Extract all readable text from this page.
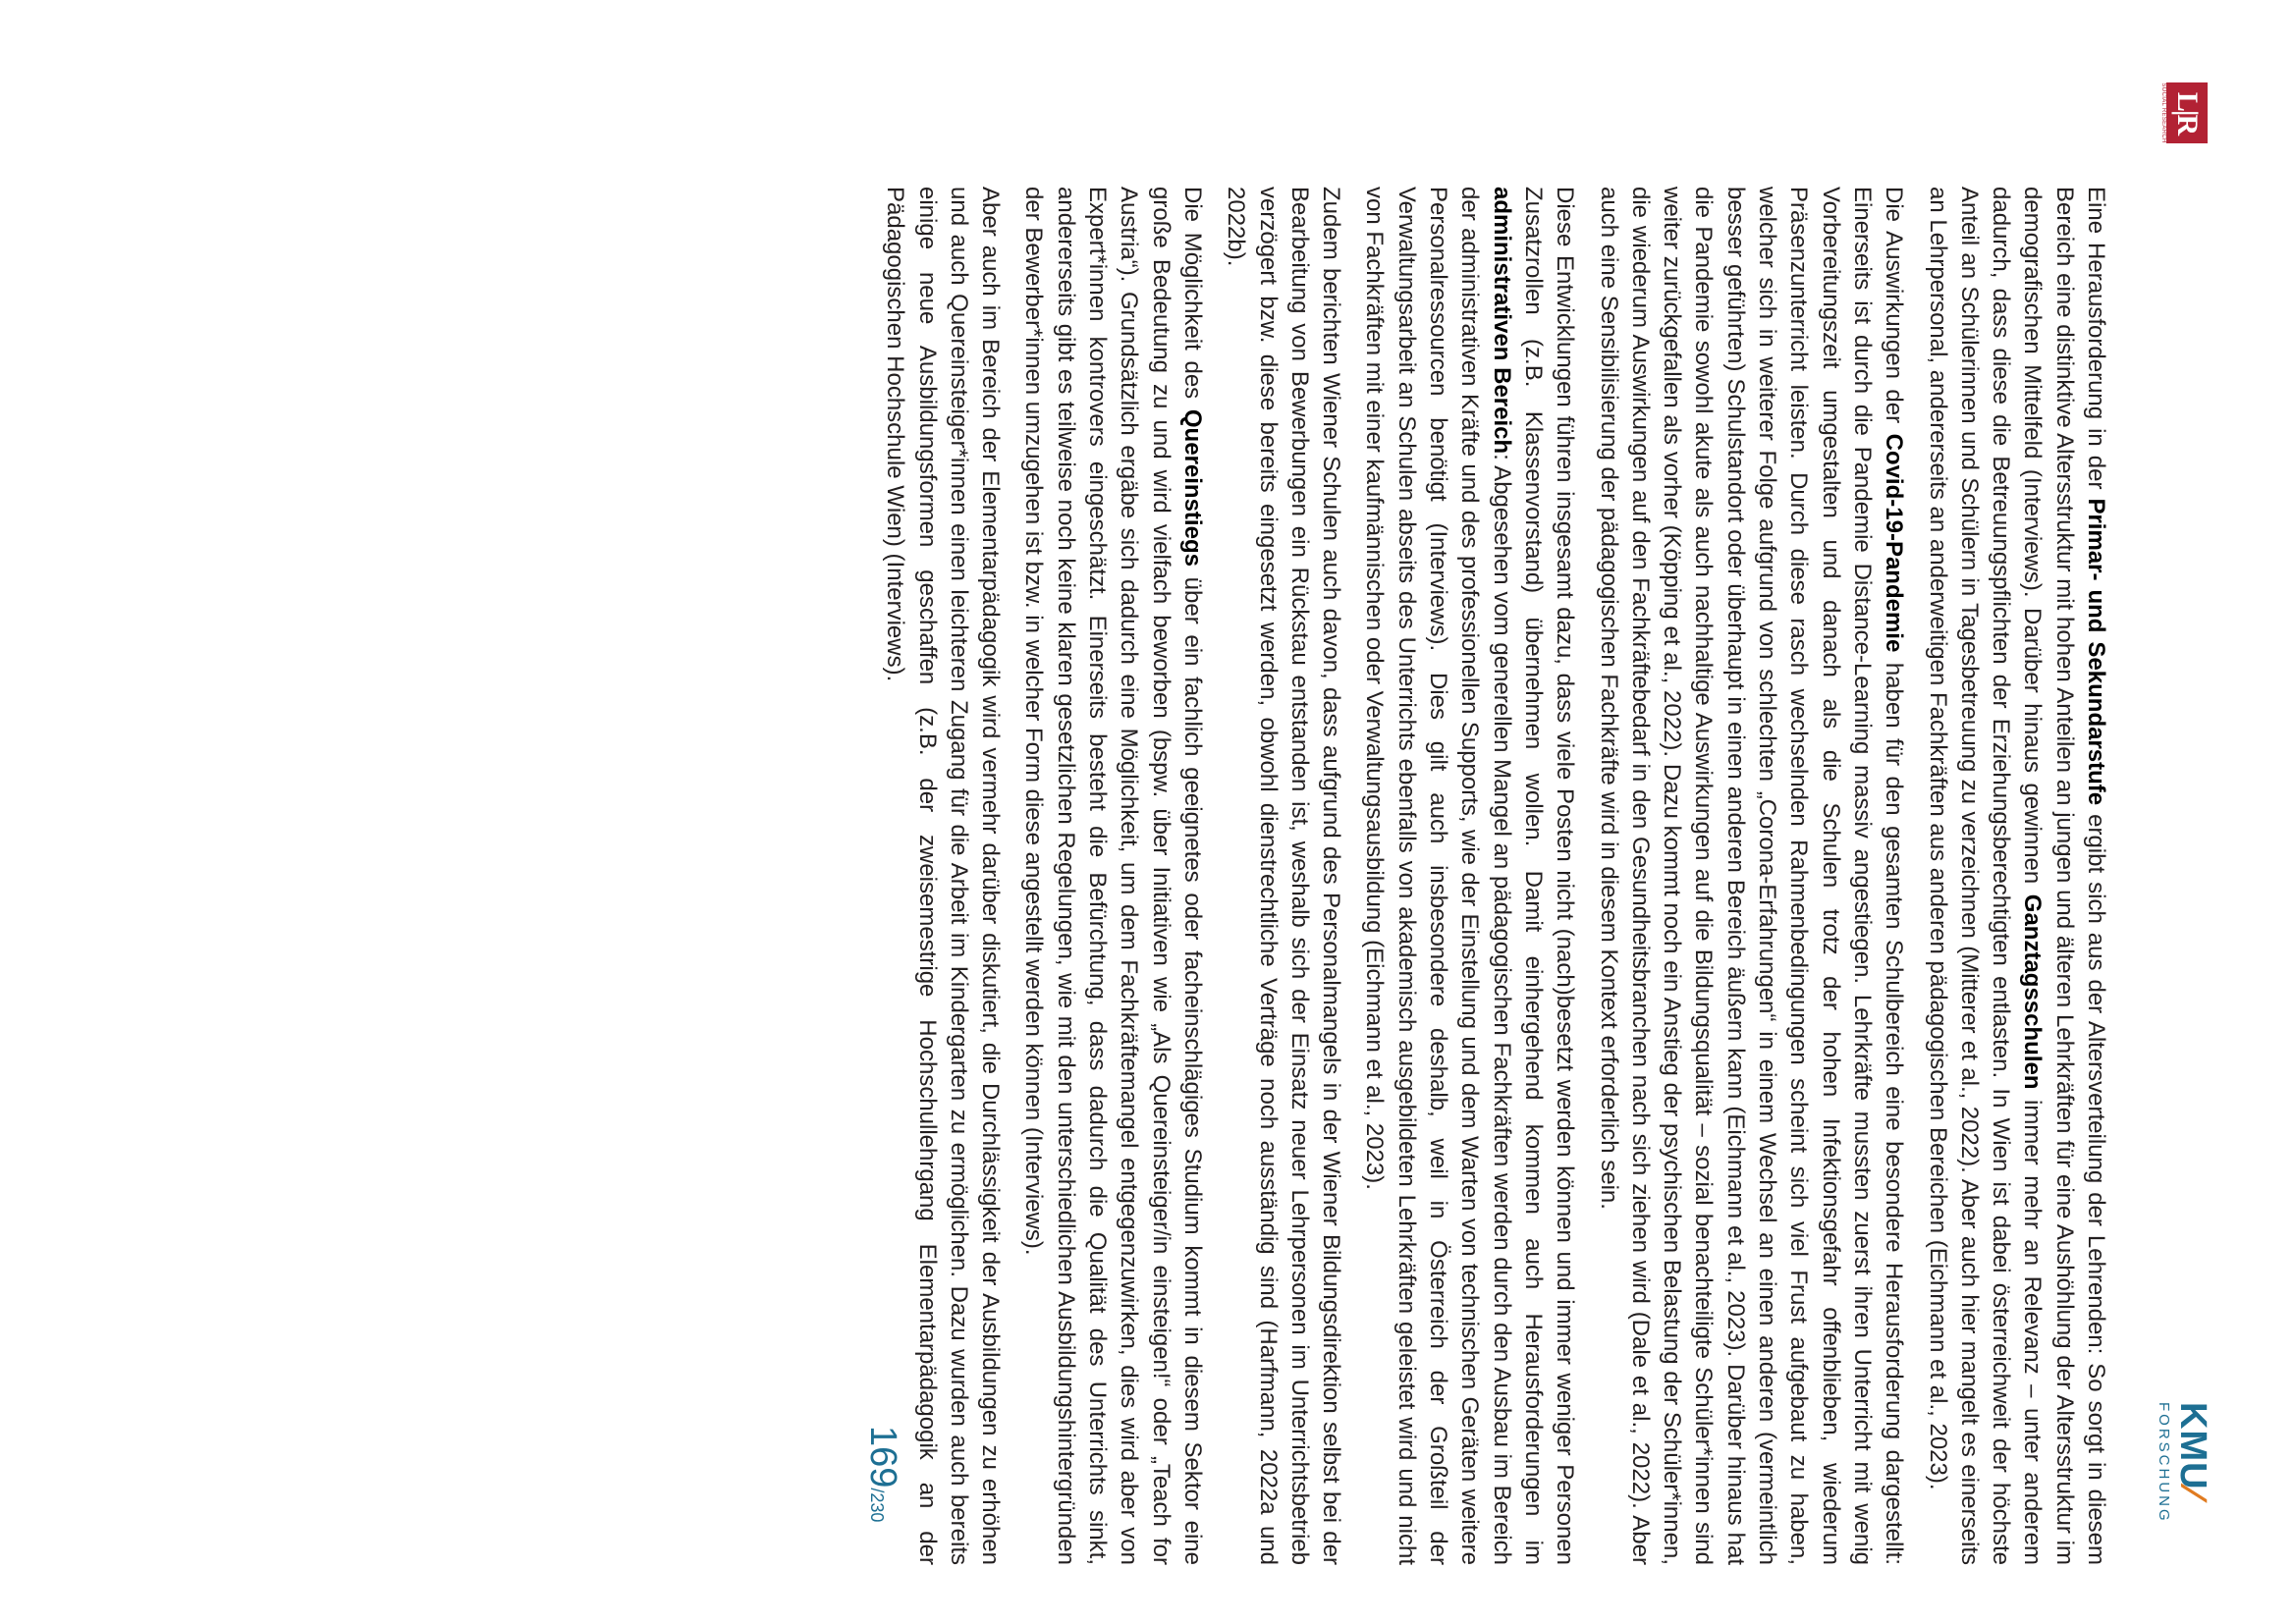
L|R
SOCIAL RESEARCH
KMU⁄
FORSCHUNG

Eine Herausforderung in der Primar- und Sekundarstufe ergibt sich aus der Altersverteilung der Lehrenden: So sorgt in diesem Bereich eine distinktive Altersstruktur mit hohen Anteilen an jungen und älteren Lehrkräften für eine Aushöhlung der Altersstruktur im demografischen Mittelfeld (Interviews). Darüber hinaus gewinnen Ganztagsschulen immer mehr an Relevanz – unter anderem dadurch, dass diese die Betreuungspflichten der Erziehungsberechtigten entlasten. In Wien ist dabei österreichweit der höchste Anteil an Schülerinnen und Schülern in Tagesbetreuung zu verzeichnen (Mitterer et al., 2022). Aber auch hier mangelt es einerseits an Lehrpersonal, andererseits an anderweitigen Fachkräften aus anderen pädagogischen Bereichen (Eichmann et al., 2023).

Die Auswirkungen der Covid-19-Pandemie haben für den gesamten Schulbereich eine besondere Herausforderung dargestellt: Einerseits ist durch die Pandemie Distance-Learning massiv angestiegen. Lehrkräfte mussten zuerst ihren Unterricht mit wenig Vorbereitungszeit umgestalten und danach als die Schulen trotz der hohen Infektionsgefahr offenblieben, wiederum Präsenzunterricht leisten. Durch diese rasch wechselnden Rahmenbedingungen scheint sich viel Frust aufgebaut zu haben, welcher sich in weiterer Folge aufgrund von schlechten „Corona-Erfahrungen“ in einem Wechsel an einen anderen (vermeintlich besser geführten) Schulstandort oder überhaupt in einen anderen Bereich äußern kann (Eichmann et al., 2023). Darüber hinaus hat die Pandemie sowohl akute als auch nachhaltige Auswirkungen auf die Bildungsqualität – sozial benachteiligte Schüler*innen sind weiter zurückgefallen als vorher (Köpping et al., 2022). Dazu kommt noch ein Anstieg der psychischen Belastung der Schüler*innen, die wiederum Auswirkungen auf den Fachkräftebedarf in den Gesundheitsbranchen nach sich ziehen wird (Dale et al., 2022). Aber auch eine Sensibilisierung der pädagogischen Fachkräfte wird in diesem Kontext erforderlich sein.

Diese Entwicklungen führen insgesamt dazu, dass viele Posten nicht (nach)besetzt werden können und immer weniger Personen Zusatzrollen (z.B. Klassenvorstand) übernehmen wollen. Damit einhergehend kommen auch Herausforderungen im administrativen Bereich: Abgesehen vom generellen Mangel an pädagogischen Fachkräften werden durch den Ausbau im Bereich der administrativen Kräfte und des professionellen Supports, wie der Einstellung und dem Warten von technischen Geräten weitere Personalressourcen benötigt (Interviews). Dies gilt auch insbesondere deshalb, weil in Österreich der Großteil der Verwaltungsarbeit an Schulen abseits des Unterrichts ebenfalls von akademisch ausgebildeten Lehrkräften geleistet wird und nicht von Fachkräften mit einer kaufmännischen oder Verwaltungsausbildung (Eichmann et al., 2023).

Zudem berichten Wiener Schulen auch davon, dass aufgrund des Personalmangels in der Wiener Bildungsdirektion selbst bei der Bearbeitung von Bewerbungen ein Rückstau entstanden ist, weshalb sich der Einsatz neuer Lehrpersonen im Unterrichtsbetrieb verzögert bzw. diese bereits eingesetzt werden, obwohl dienstrechtliche Verträge noch ausständig sind (Harfmann, 2022a und 2022b).

Die Möglichkeit des Quereinstiegs über ein fachlich geeignetes oder facheinschlägiges Studium kommt in diesem Sektor eine große Bedeutung zu und wird vielfach beworben (bspw. über Initiativen wie „Als Quereinsteiger/in einsteigen!“ oder „Teach for Austria“). Grundsätzlich ergäbe sich dadurch eine Möglichkeit, um dem Fachkräftemangel entgegenzuwirken, dies wird aber von Expert*innen kontrovers eingeschätzt. Einerseits besteht die Befürchtung, dass dadurch die Qualität des Unterrichts sinkt, andererseits gibt es teilweise noch keine klaren gesetzlichen Regelungen, wie mit den unterschiedlichen Ausbildungshintergründen der Bewerber*innen umzugehen ist bzw. in welcher Form diese angestellt werden können (Interviews).

Aber auch im Bereich der Elementarpädagogik wird vermehr darüber diskutiert, die Durchlässigkeit der Ausbildungen zu erhöhen und auch Quereinsteiger*innen einen leichteren Zugang für die Arbeit im Kindergarten zu ermöglichen. Dazu wurden auch bereits einige neue Ausbildungsformen geschaffen (z.B. der zweisemestrige Hochschullehrgang Elementarpädagogik an der Pädagogischen Hochschule Wien) (Interviews).

169/230
